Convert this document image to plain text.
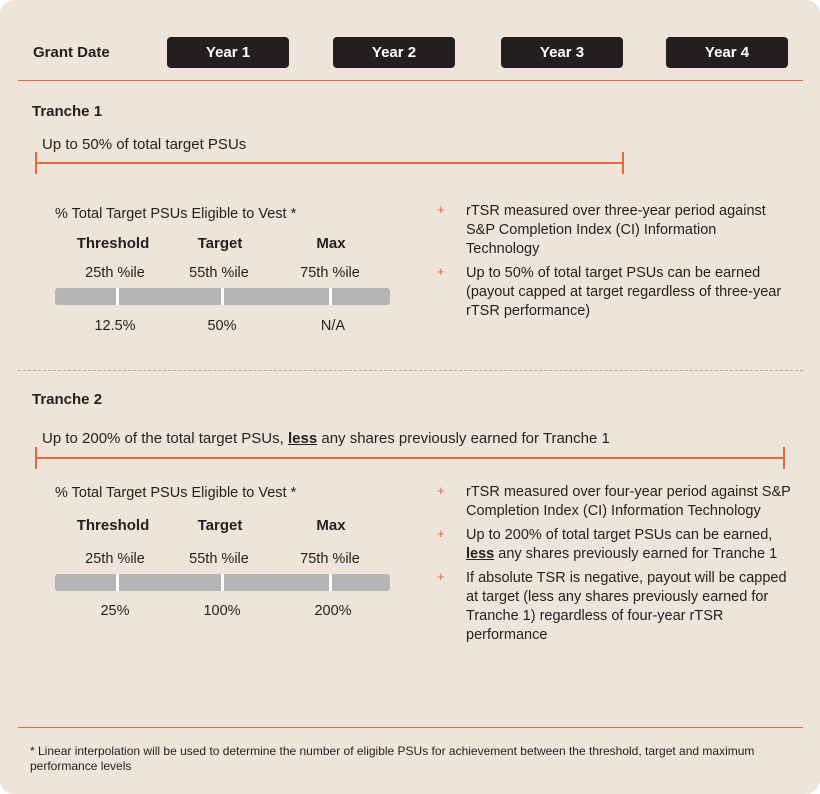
Grant Date	Year 1	Year 2	Year 3	Year 4
Tranche 1
Up to 50% of total target PSUs
% Total Target PSUs Eligible to Vest *
Threshold	Target	Max
25th %ile	55th %ile	75th %ile
12.5%	50%	N/A
+ rTSR measured over three-year period against S&P Completion Index (CI) Information Technology
+ Up to 50% of total target PSUs can be earned (payout capped at target regardless of three-year rTSR performance)
Tranche 2
Up to 200% of the total target PSUs, less any shares previously earned for Tranche 1
% Total Target PSUs Eligible to Vest *
Threshold	Target	Max
25th %ile	55th %ile	75th %ile
25%	100%	200%
+ rTSR measured over four-year period against S&P Completion Index (CI) Information Technology
+ Up to 200% of total target PSUs can be earned, less any shares previously earned for Tranche 1
+ If absolute TSR is negative, payout will be capped at target (less any shares previously earned for Tranche 1) regardless of four-year rTSR performance
* Linear interpolation will be used to determine the number of eligible PSUs for achievement between the threshold, target and maximum performance levels
